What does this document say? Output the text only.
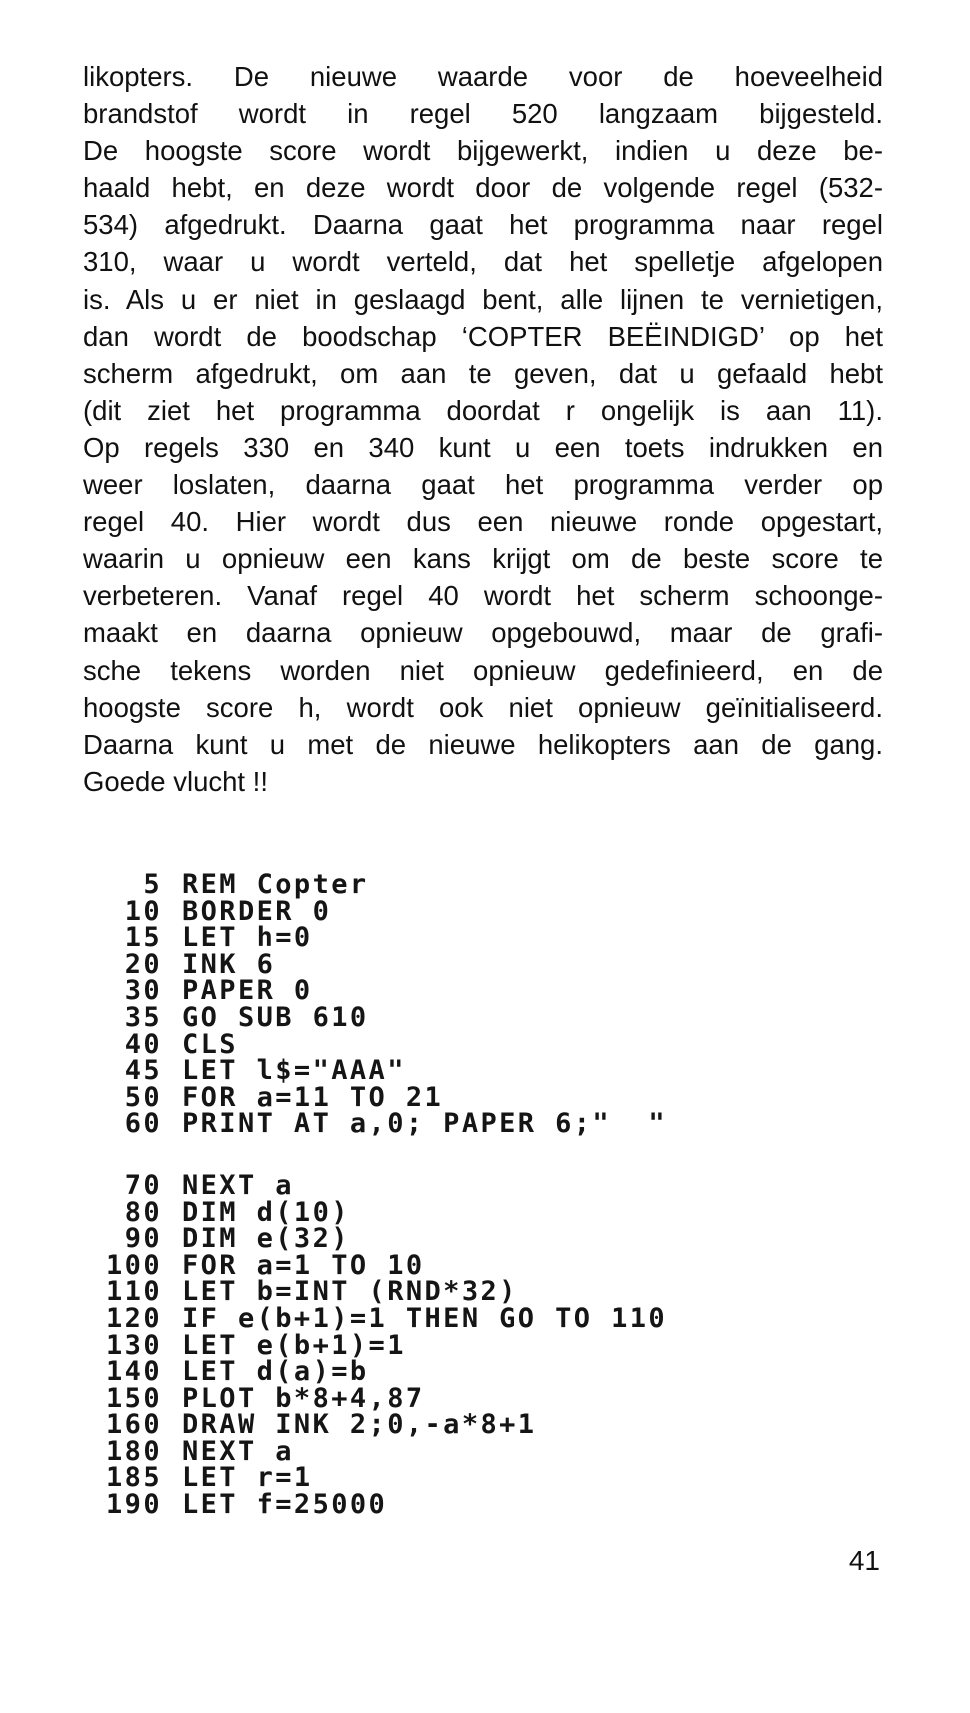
likopters. De nieuwe waarde voor de hoeveelheid
brandstof wordt in regel 520 langzaam bijgesteld.
De hoogste score wordt bijgewerkt, indien u deze be-
haald hebt, en deze wordt door de volgende regel (532-
534) afgedrukt. Daarna gaat het programma naar regel
310, waar u wordt verteld, dat het spelletje afgelopen
is. Als u er niet in geslaagd bent, alle lijnen te vernietigen,
dan wordt de boodschap ‘COPTER BEËINDIGD’ op het
scherm afgedrukt, om aan te geven, dat u gefaald hebt
(dit ziet het programma doordat r ongelijk is aan 11).
Op regels 330 en 340 kunt u een toets indrukken en
weer loslaten, daarna gaat het programma verder op
regel 40. Hier wordt dus een nieuwe ronde opgestart,
waarin u opnieuw een kans krijgt om de beste score te
verbeteren. Vanaf regel 40 wordt het scherm schoonge-
maakt en daarna opnieuw opgebouwd, maar de grafi-
sche tekens worden niet opnieuw gedefinieerd, en de
hoogste score h, wordt ook niet opnieuw geïnitialiseerd.
Daarna kunt u met de nieuwe helikopters aan de gang.
Goede vlucht !!
5 REM Copter
10 BORDER 0
15 LET h=0
20 INK 6
30 PAPER 0
35 GO SUB 610
40 CLS
45 LET l$="AAA"
50 FOR a=11 TO 21
60 PRINT AT a,0; PAPER 6;"  "
70 NEXT a
80 DIM d(10)
90 DIM e(32)
100 FOR a=1 TO 10
110 LET b=INT (RND*32)
120 IF e(b+1)=1 THEN GO TO 110
130 LET e(b+1)=1
140 LET d(a)=b
150 PLOT b*8+4,87
160 DRAW INK 2;0,-a*8+1
180 NEXT a
185 LET r=1
190 LET f=25000
41
